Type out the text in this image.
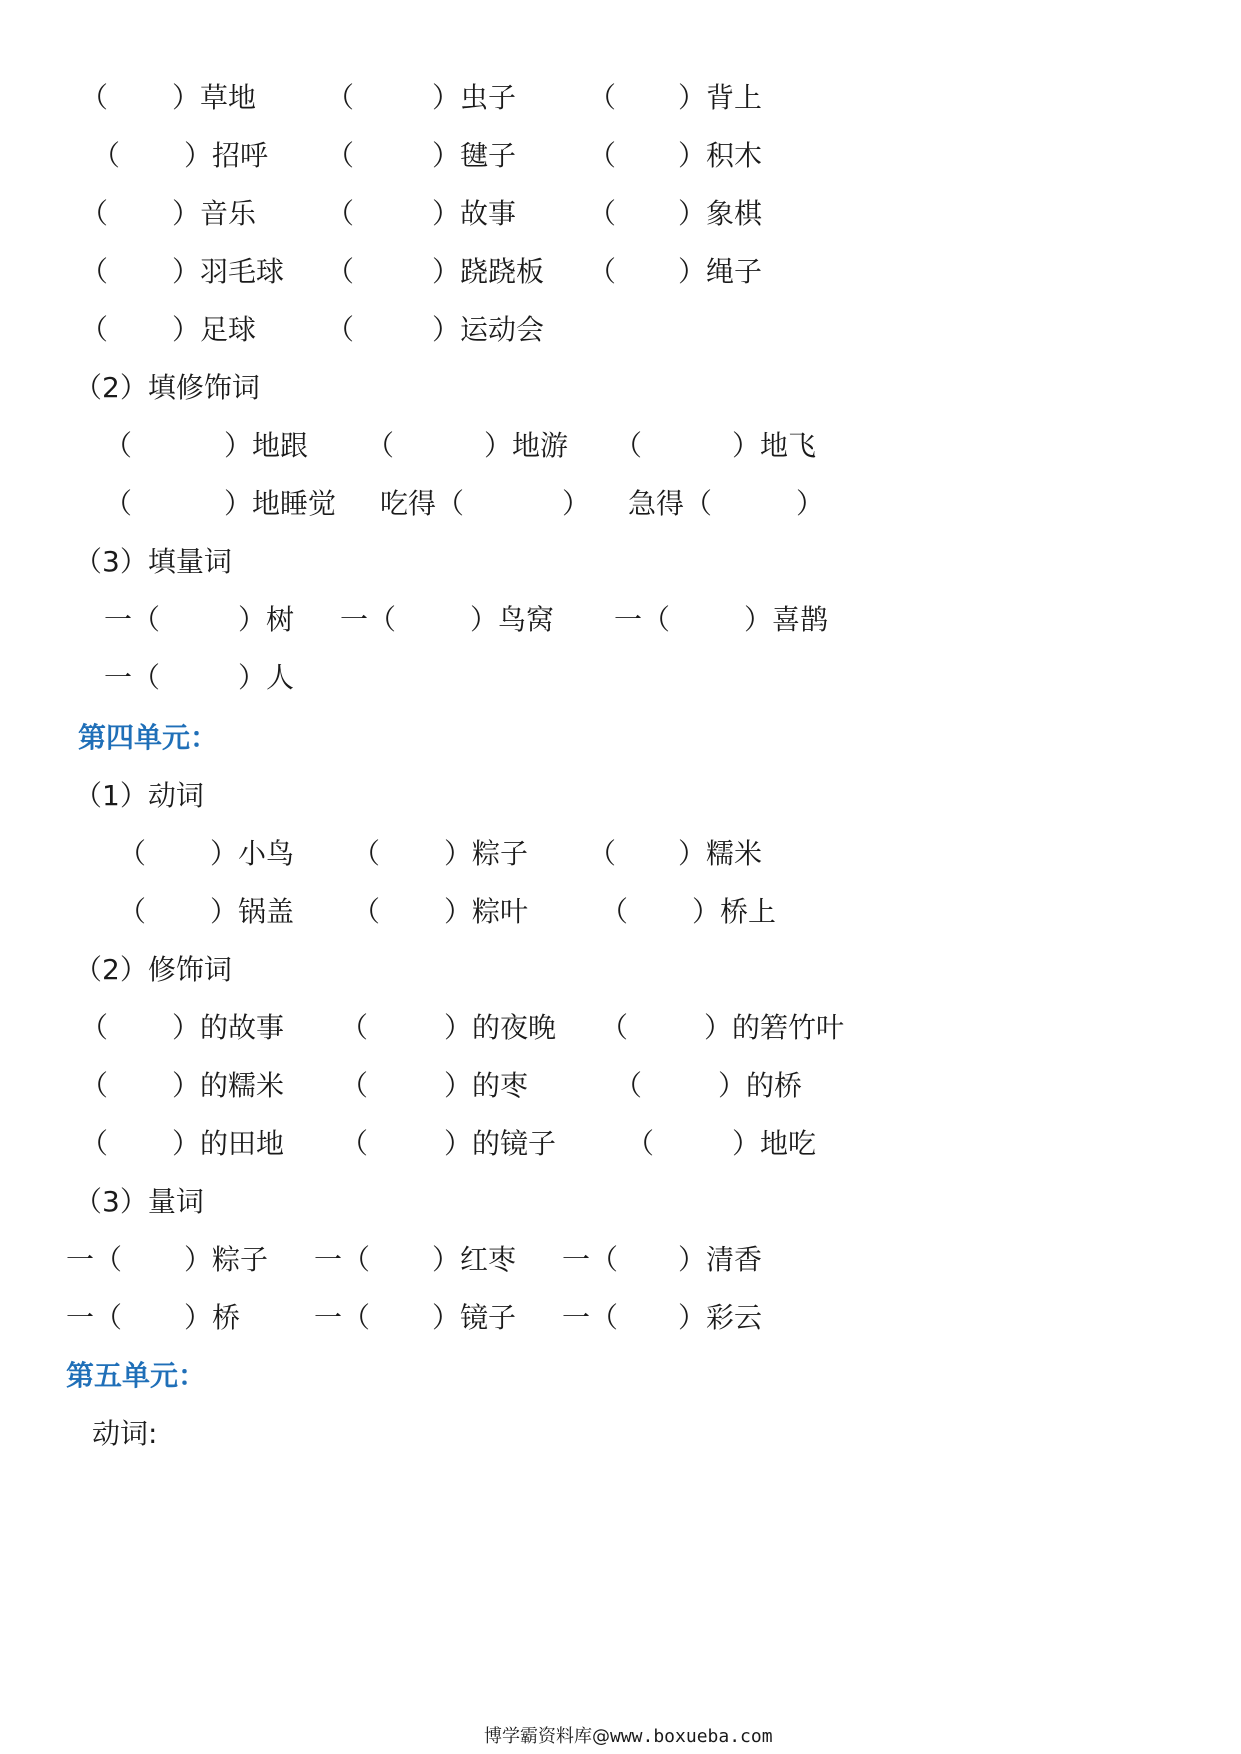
（ ）草地 （	）虫子	（ ）背上
（ ）招呼 （	）毽子	（ ）积木
（ ）音乐 （	）故事	（ ）象棋
（ ）羽毛球 （	）跷跷板 （ ）绳子
（ ）足球 （	）运动会
（2）填修饰词
（	）地跟 （	）地游 （	）地飞
（	）地睡觉 吃得（	） 急得（	）
（3）填量词
一（	）树 一（	）鸟窝 一（	）喜鹊
一（	）人
第四单元：
（1）动词
（ ）小鸟 （ ）粽子 （ ）糯米
（ ）锅盖 （ ）粽叶	（ ）桥上
（2）修饰词
（ ）的故事 （	）的夜晚 （	）的箬竹叶
（ ）的糯米 （	）的枣	（	）的桥
（ ）的田地 （	）的镜子 （	）地吃
（3）量词
一（ ）粽子 一（ ）红枣 一（ ）清香
一（ ）桥	一（ ）镜子 一（ ）彩云
第五单元：
动词:
博学霸资料库@www.boxueba.com
